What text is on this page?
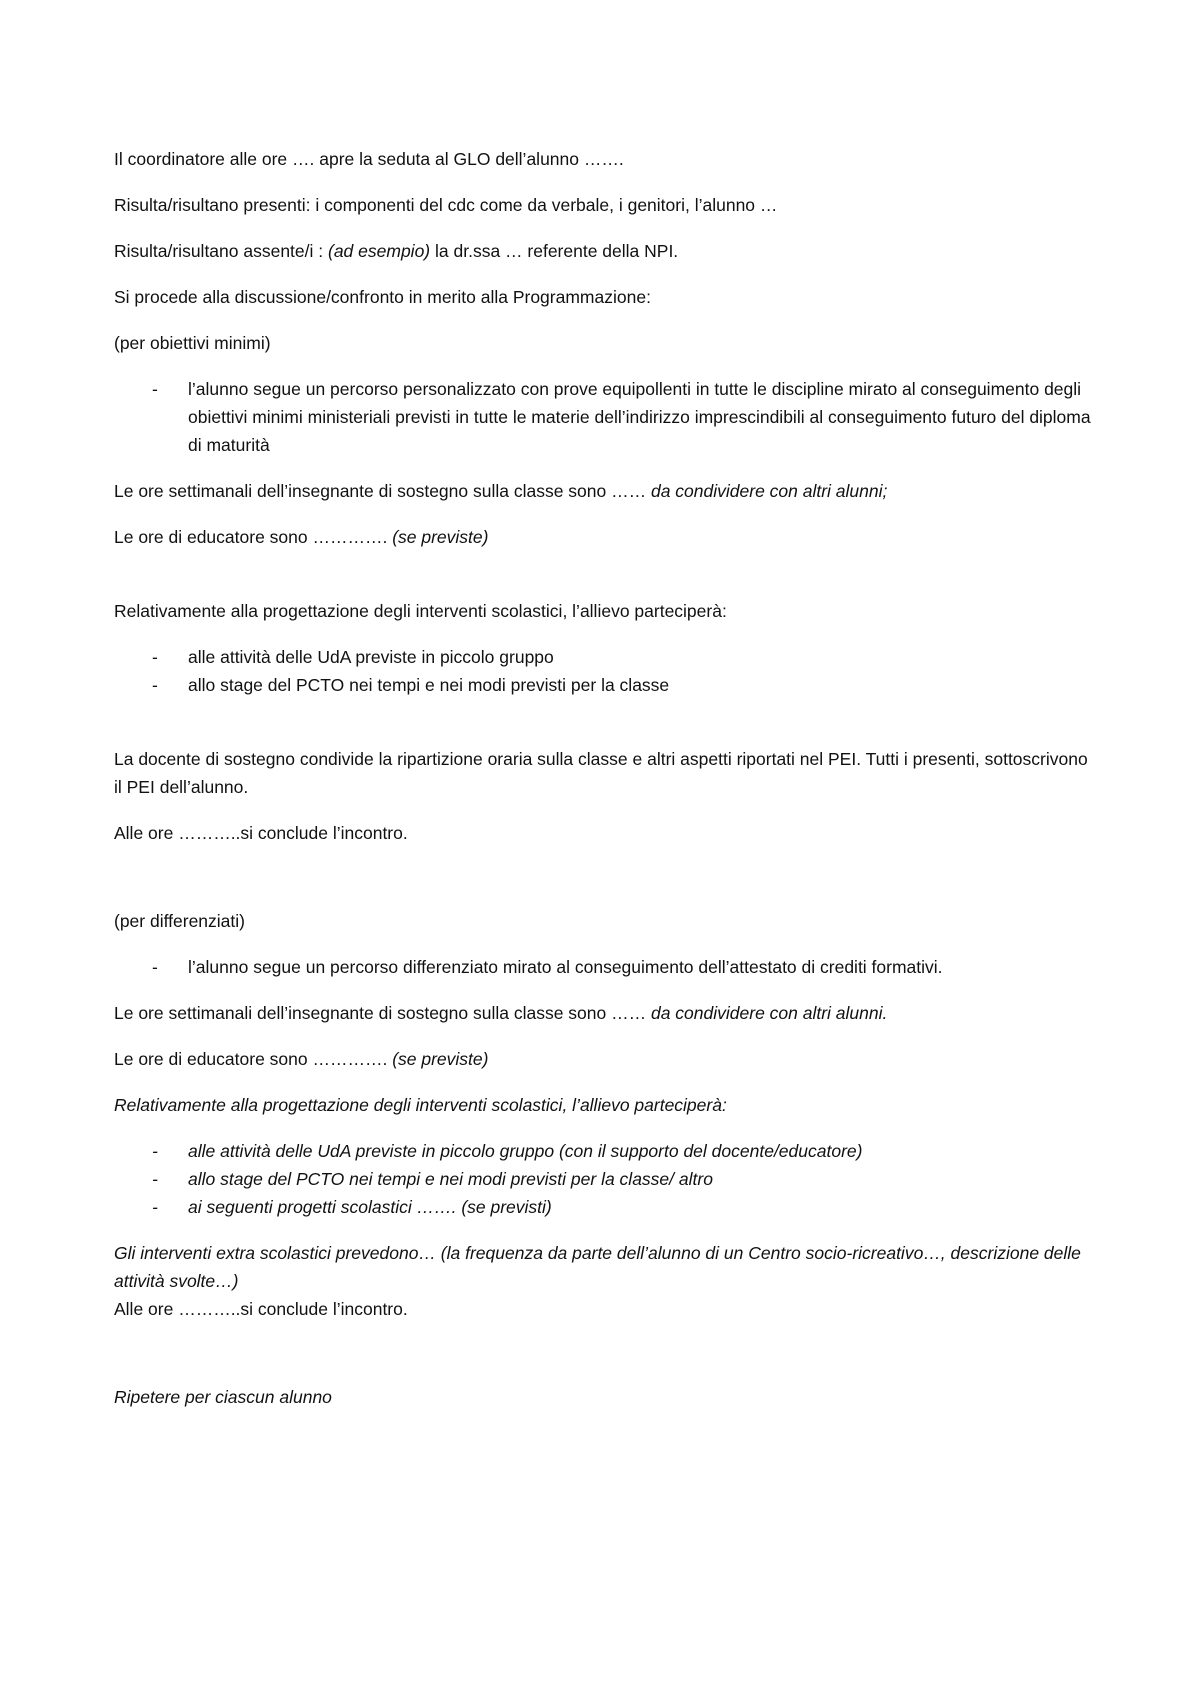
Il coordinatore alle ore …. apre la seduta al GLO dell’alunno …….

Risulta/risultano presenti: i componenti del cdc come da verbale, i genitori, l’alunno …

Risulta/risultano assente/i : (ad esempio) la dr.ssa … referente della NPI.

Si procede alla discussione/confronto in merito alla Programmazione:

(per obiettivi minimi)

- l’alunno segue un percorso personalizzato con prove equipollenti in tutte le discipline mirato al conseguimento degli obiettivi minimi ministeriali previsti in tutte le materie dell’indirizzo imprescindibili al conseguimento futuro del diploma di maturità

Le ore settimanali dell’insegnante di sostegno sulla classe sono …… da condividere con altri alunni;

Le ore di educatore sono …………. (se previste)

Relativamente alla progettazione degli interventi scolastici, l’allievo parteciperà:

- alle attività delle UdA previste in piccolo gruppo
- allo stage del PCTO nei tempi e nei modi previsti per la classe

La docente di sostegno condivide la ripartizione oraria sulla classe e altri aspetti riportati nel PEI. Tutti i presenti, sottoscrivono il PEI dell’alunno.

Alle ore ………..si conclude l’incontro.

(per differenziati)

- l’alunno segue un percorso differenziato mirato al conseguimento dell’attestato di crediti formativi.

Le ore settimanali dell’insegnante di sostegno sulla classe sono …… da condividere con altri alunni.

Le ore di educatore sono …………. (se previste)

Relativamente alla progettazione degli interventi scolastici, l’allievo parteciperà:

- alle attività delle UdA previste in piccolo gruppo (con il supporto del docente/educatore)
- allo stage del PCTO nei tempi e nei modi previsti per la classe/ altro
- ai seguenti progetti scolastici ……. (se previsti)

Gli interventi extra scolastici prevedono… (la frequenza da parte dell’alunno di un Centro socio-ricreativo…, descrizione delle attività svolte…)

Alle ore ………..si conclude l’incontro.

Ripetere per ciascun alunno
